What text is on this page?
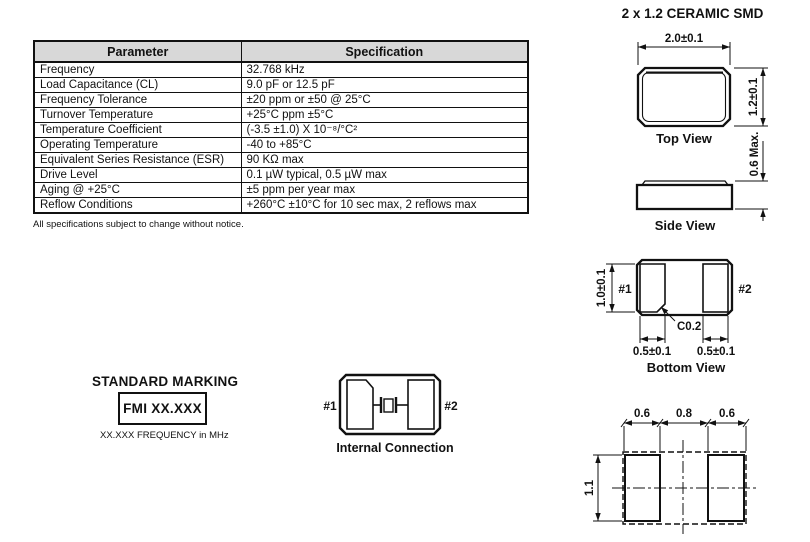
Parameter	Specification
Frequency	32.768 kHz
Load Capacitance (CL)	9.0 pF or 12.5 pF
Frequency Tolerance	±20 ppm or ±50 @ 25°C
Turnover Temperature	+25°C ppm ±5°C
Temperature Coefficient	(-3.5 ±1.0) X 10⁻⁸/°C²
Operating Temperature	-40 to +85°C
Equivalent Series Resistance (ESR)	90 KΩ max
Drive Level	0.1 µW typical, 0.5 µW max
Aging @ +25°C	±5 ppm per year max
Reflow Conditions	+260°C ±10°C for 10 sec max, 2 reflows max
All specifications subject to change without notice.
STANDARD MARKING
FMI XX.XXX
XX.XXX FREQUENCY in MHz
#1	#2
Internal Connection
2 x 1.2 CERAMIC SMD
2.0±0.1
1.2±0.1
Top View	0.6 Max.
Side View
#1	#2
1.0±0.1
C0.2
0.5±0.1 0.5±0.1
Bottom View
0.6 0.8 0.6
1.1
